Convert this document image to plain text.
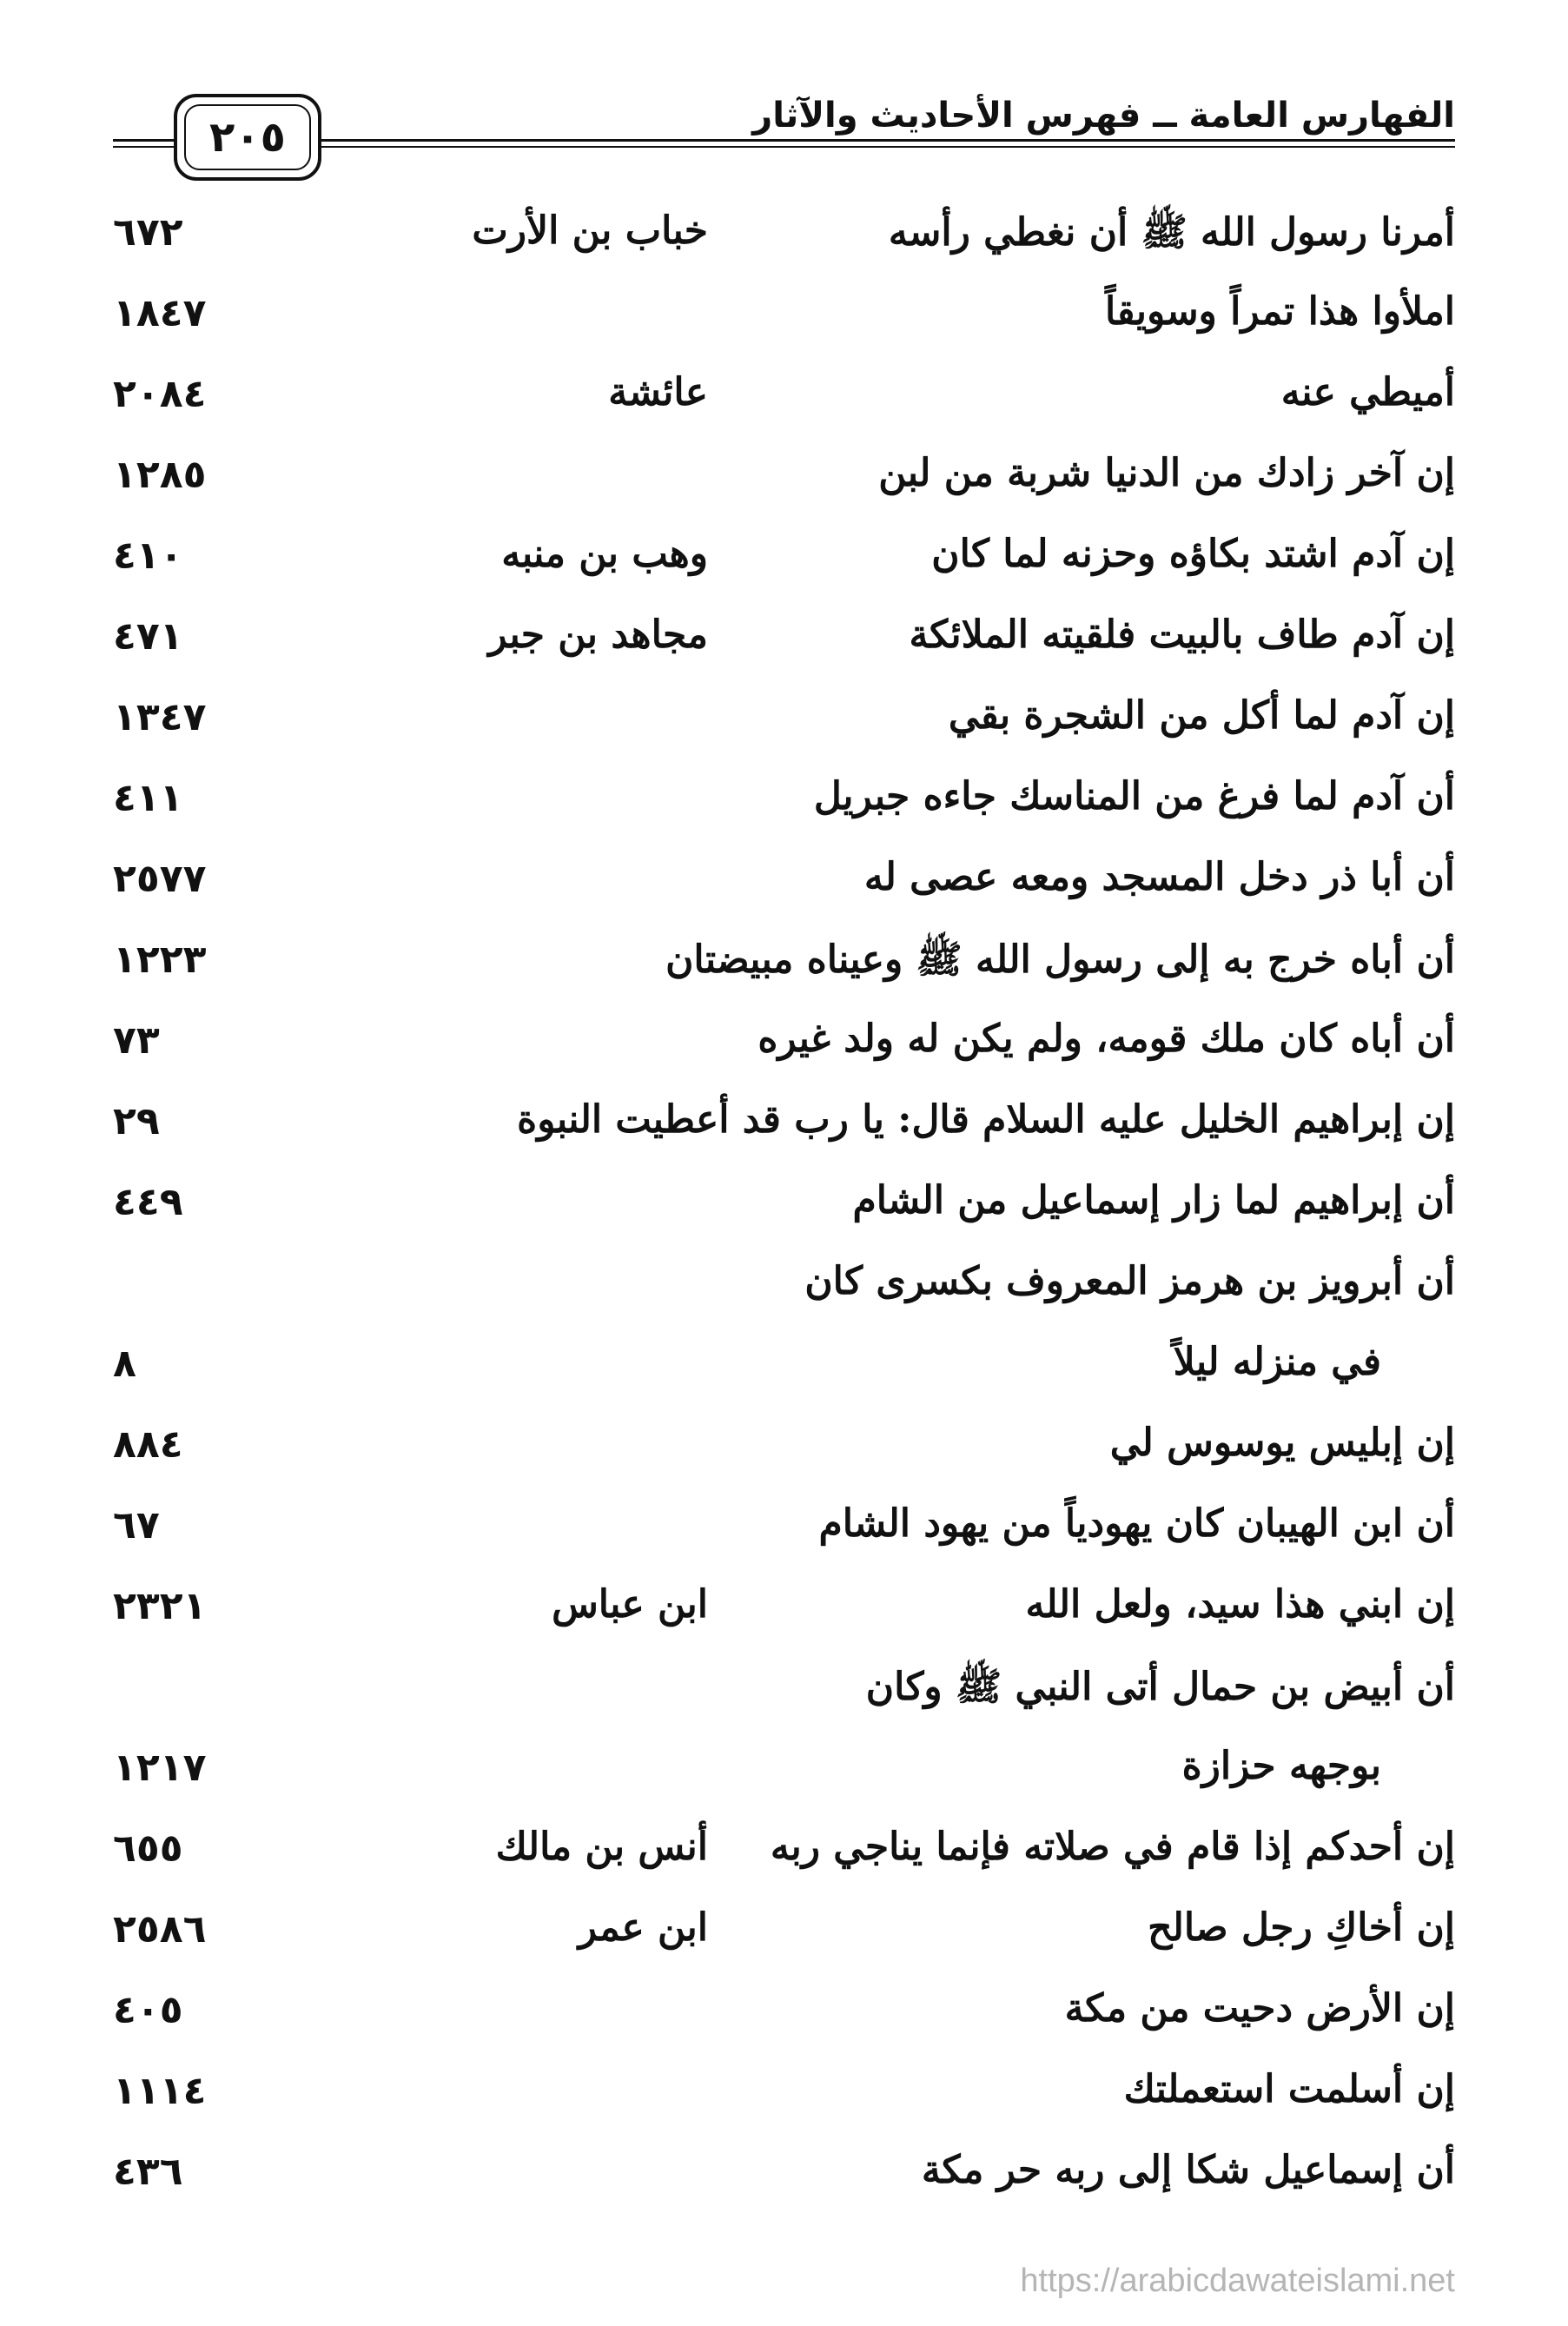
الفهارس العامة ــ فهرس الأحاديث والآثار
٢٠٥
أمرنا رسول الله ﷺ أن نغطي رأسه
خباب بن الأرت
٦٧٢
املأوا هذا تمراً وسويقاً
١٨٤٧
أميطي عنه
عائشة
٢٠٨٤
إن آخر زادك من الدنيا شربة من لبن
١٢٨٥
إن آدم اشتد بكاؤه وحزنه لما كان
وهب بن منبه
٤١٠
إن آدم طاف بالبيت فلقيته الملائكة
مجاهد بن جبر
٤٧١
إن آدم لما أكل من الشجرة بقي
١٣٤٧
أن آدم لما فرغ من المناسك جاءه جبريل
٤١١
أن أبا ذر دخل المسجد ومعه عصى له
٢٥٧٧
أن أباه خرج به إلى رسول الله ﷺ وعيناه مبيضتان
١٢٢٣
أن أباه كان ملك قومه، ولم يكن له ولد غيره
٧٣
إن إبراهيم الخليل عليه السلام قال: يا رب قد أعطيت النبوة
٢٩
أن إبراهيم لما زار إسماعيل من الشام
٤٤٩
أن أبرويز بن هرمز المعروف بكسرى كان
في منزله ليلاً
٨
إن إبليس يوسوس لي
٨٨٤
أن ابن الهيبان كان يهودياً من يهود الشام
٦٧
إن ابني هذا سيد، ولعل الله
ابن عباس
٢٣٢١
أن أبيض بن حمال أتى النبي ﷺ وكان
بوجهه حزازة
١٢١٧
إن أحدكم إذا قام في صلاته فإنما يناجي ربه
أنس بن مالك
٦٥٥
إن أخاكِ رجل صالح
ابن عمر
٢٥٨٦
إن الأرض دحيت من مكة
٤٠٥
إن أسلمت استعملتك
١١١٤
أن إسماعيل شكا إلى ربه حر مكة
٤٣٦
https://arabicdawateislami.net
